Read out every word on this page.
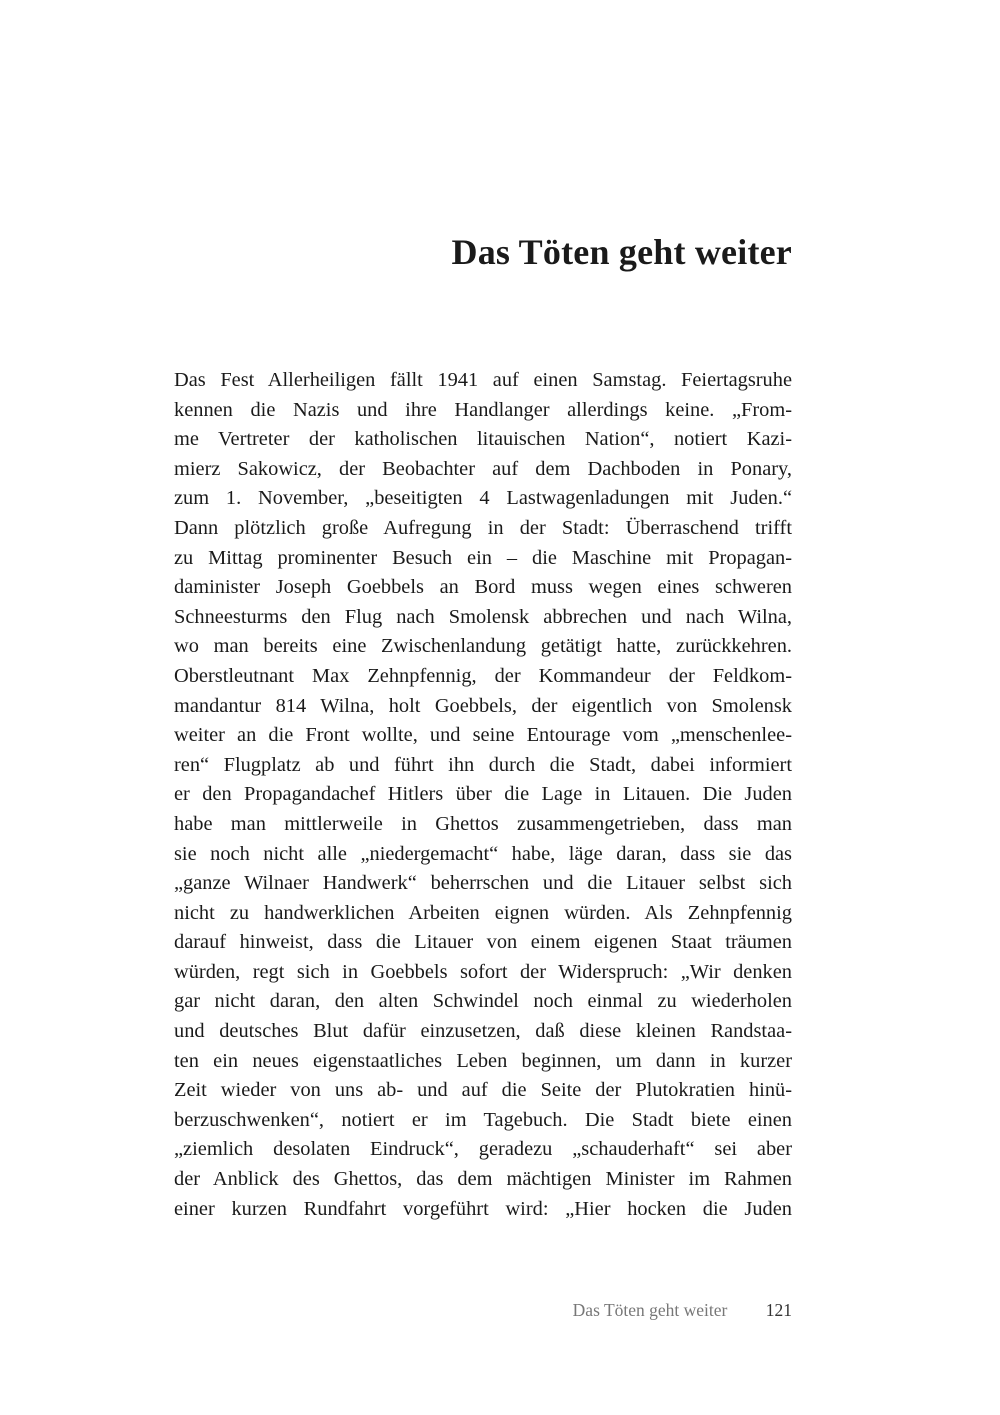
Das Töten geht weiter
Das Fest Allerheiligen fällt 1941 auf einen Samstag. Feiertagsruhe
kennen die Nazis und ihre Handlanger allerdings keine. „From-
me Vertreter der katholischen litauischen Nation“, notiert Kazi-
mierz Sakowicz, der Beobachter auf dem Dachboden in Ponary,
zum 1. November, „beseitigten 4 Lastwagenladungen mit Juden.“
Dann plötzlich große Aufregung in der Stadt: Überraschend trifft
zu Mittag prominenter Besuch ein – die Maschine mit Propagan-
daminister Joseph Goebbels an Bord muss wegen eines schweren
Schneesturms den Flug nach Smolensk abbrechen und nach Wilna,
wo man bereits eine Zwischenlandung getätigt hatte, zurückkehren.
Oberstleutnant Max Zehnpfennig, der Kommandeur der Feldkom-
mandantur 814 Wilna, holt Goebbels, der eigentlich von Smolensk
weiter an die Front wollte, und seine Entourage vom „menschenlee-
ren“ Flugplatz ab und führt ihn durch die Stadt, dabei informiert
er den Propagandachef Hitlers über die Lage in Litauen. Die Juden
habe man mittlerweile in Ghettos zusammengetrieben, dass man
sie noch nicht alle „niedergemacht“ habe, läge daran, dass sie das
„ganze Wilnaer Handwerk“ beherrschen und die Litauer selbst sich
nicht zu handwerklichen Arbeiten eignen würden. Als Zehnpfennig
darauf hinweist, dass die Litauer von einem eigenen Staat träumen
würden, regt sich in Goebbels sofort der Widerspruch: „Wir denken
gar nicht daran, den alten Schwindel noch einmal zu wiederholen
und deutsches Blut dafür einzusetzen, daß diese kleinen Randstaa-
ten ein neues eigenstaatliches Leben beginnen, um dann in kurzer
Zeit wieder von uns ab- und auf die Seite der Plutokratien hinü-
berzuschwenken“, notiert er im Tagebuch. Die Stadt biete einen
„ziemlich desolaten Eindruck“, geradezu „schauderhaft“ sei aber
der Anblick des Ghettos, das dem mächtigen Minister im Rahmen
einer kurzen Rundfahrt vorgeführt wird: „Hier hocken die Juden
Das Töten geht weiter 121
